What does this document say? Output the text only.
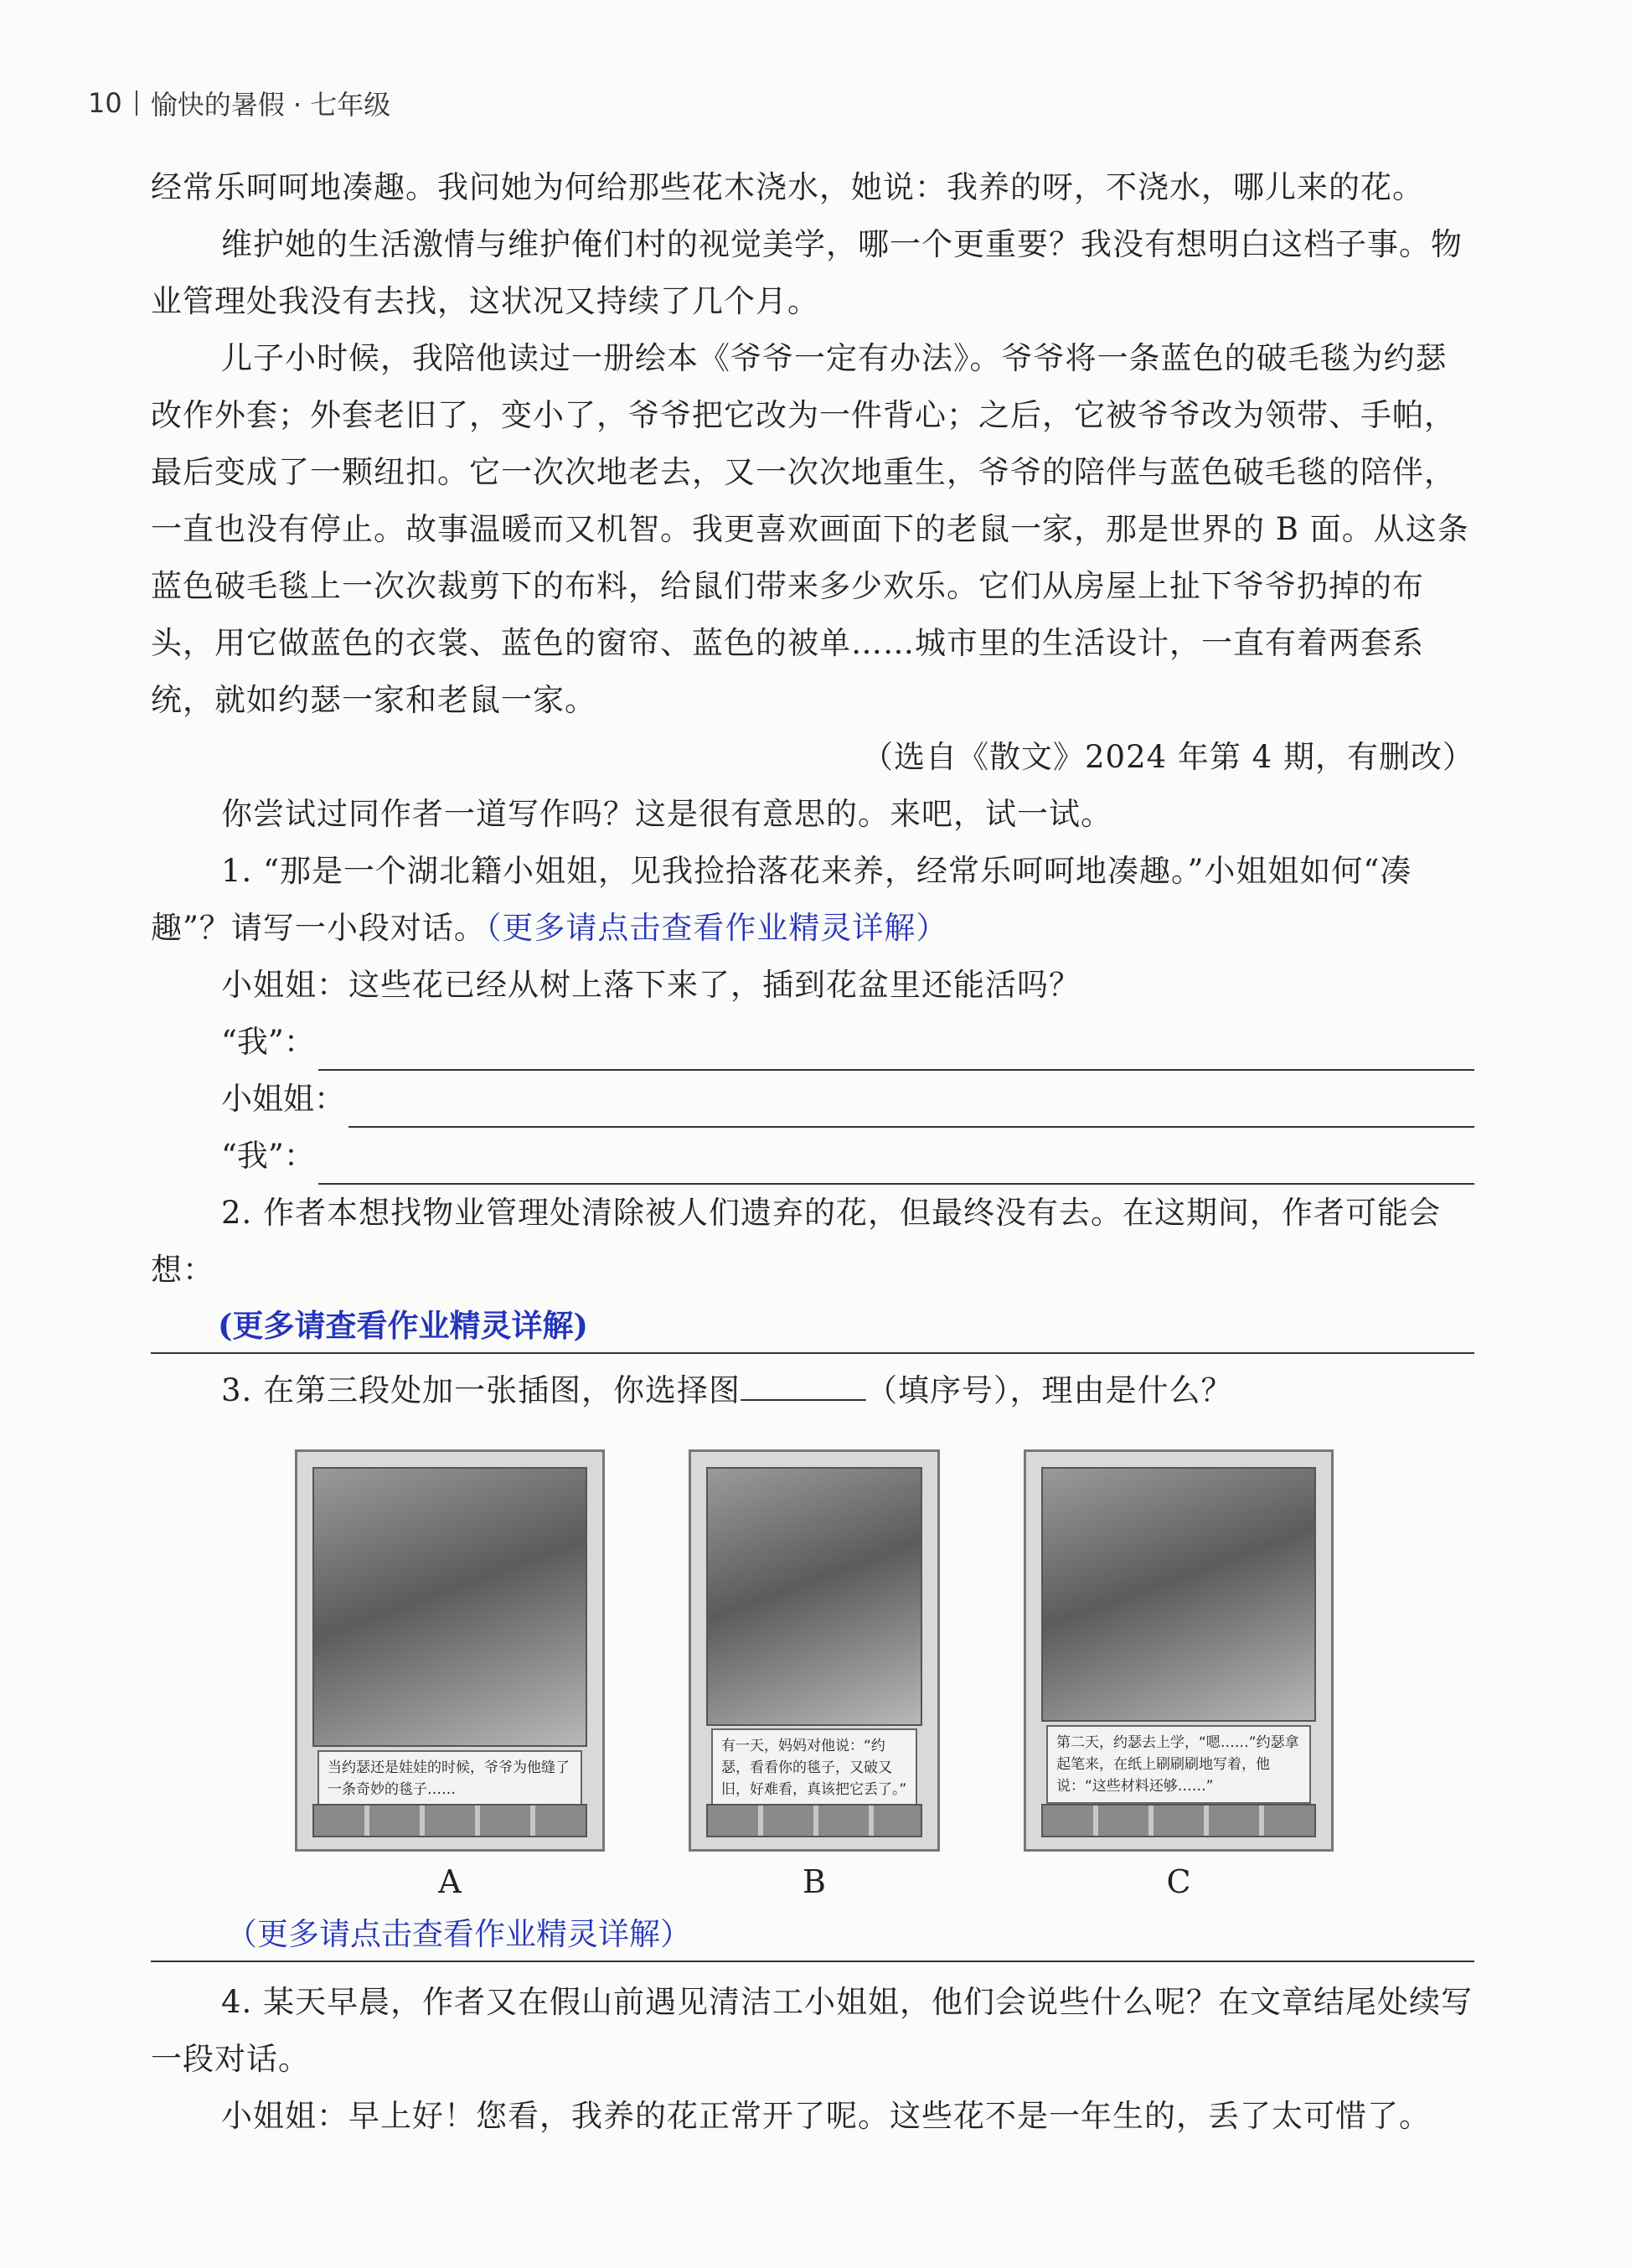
10 愉快的暑假 · 七年级

经常乐呵呵地凑趣。我问她为何给那些花木浇水，她说：我养的呀，不浇水，哪儿来的花。

维护她的生活激情与维护俺们村的视觉美学，哪一个更重要？我没有想明白这档子事。物业管理处我没有去找，这状况又持续了几个月。

儿子小时候，我陪他读过一册绘本《爷爷一定有办法》。爷爷将一条蓝色的破毛毯为约瑟改作外套；外套老旧了，变小了，爷爷把它改为一件背心；之后，它被爷爷改为领带、手帕，最后变成了一颗纽扣。它一次次地老去，又一次次地重生，爷爷的陪伴与蓝色破毛毯的陪伴，一直也没有停止。故事温暖而又机智。我更喜欢画面下的老鼠一家，那是世界的 B 面。从这条蓝色破毛毯上一次次裁剪下的布料，给鼠们带来多少欢乐。它们从房屋上扯下爷爷扔掉的布头，用它做蓝色的衣裳、蓝色的窗帘、蓝色的被单……城市里的生活设计，一直有着两套系统，就如约瑟一家和老鼠一家。

（选自《散文》2024 年第 4 期，有删改）

你尝试过同作者一道写作吗？这是很有意思的。来吧，试一试。

1. “那是一个湖北籍小姐姐，见我捡拾落花来养，经常乐呵呵地凑趣。”小姐姐如何“凑趣”？请写一小段对话。（更多请点击查看作业精灵详解）

小姐姐：这些花已经从树上落下来了，插到花盆里还能活吗？

“我”：
小姐姐：
“我”：

2. 作者本想找物业管理处清除被人们遗弃的花，但最终没有去。在这期间，作者可能会想：

(更多请查看作业精灵详解)

3. 在第三段处加一张插图，你选择图	（填序号），理由是什么？

当约瑟还是娃娃的时候，爷爷为他缝了一条奇妙的毯子……
A
有一天，妈妈对他说：“约瑟，看看你的毯子，又破又旧，好难看，真该把它丢了。”
B
第二天，约瑟去上学，“嗯……”约瑟拿起笔来，在纸上刷刷刷地写着，他说：“这些材料还够……”
C
（更多请点击查看作业精灵详解）

4. 某天早晨，作者又在假山前遇见清洁工小姐姐，他们会说些什么呢？在文章结尾处续写一段对话。

小姐姐：早上好！您看，我养的花正常开了呢。这些花不是一年生的，丢了太可惜了。
